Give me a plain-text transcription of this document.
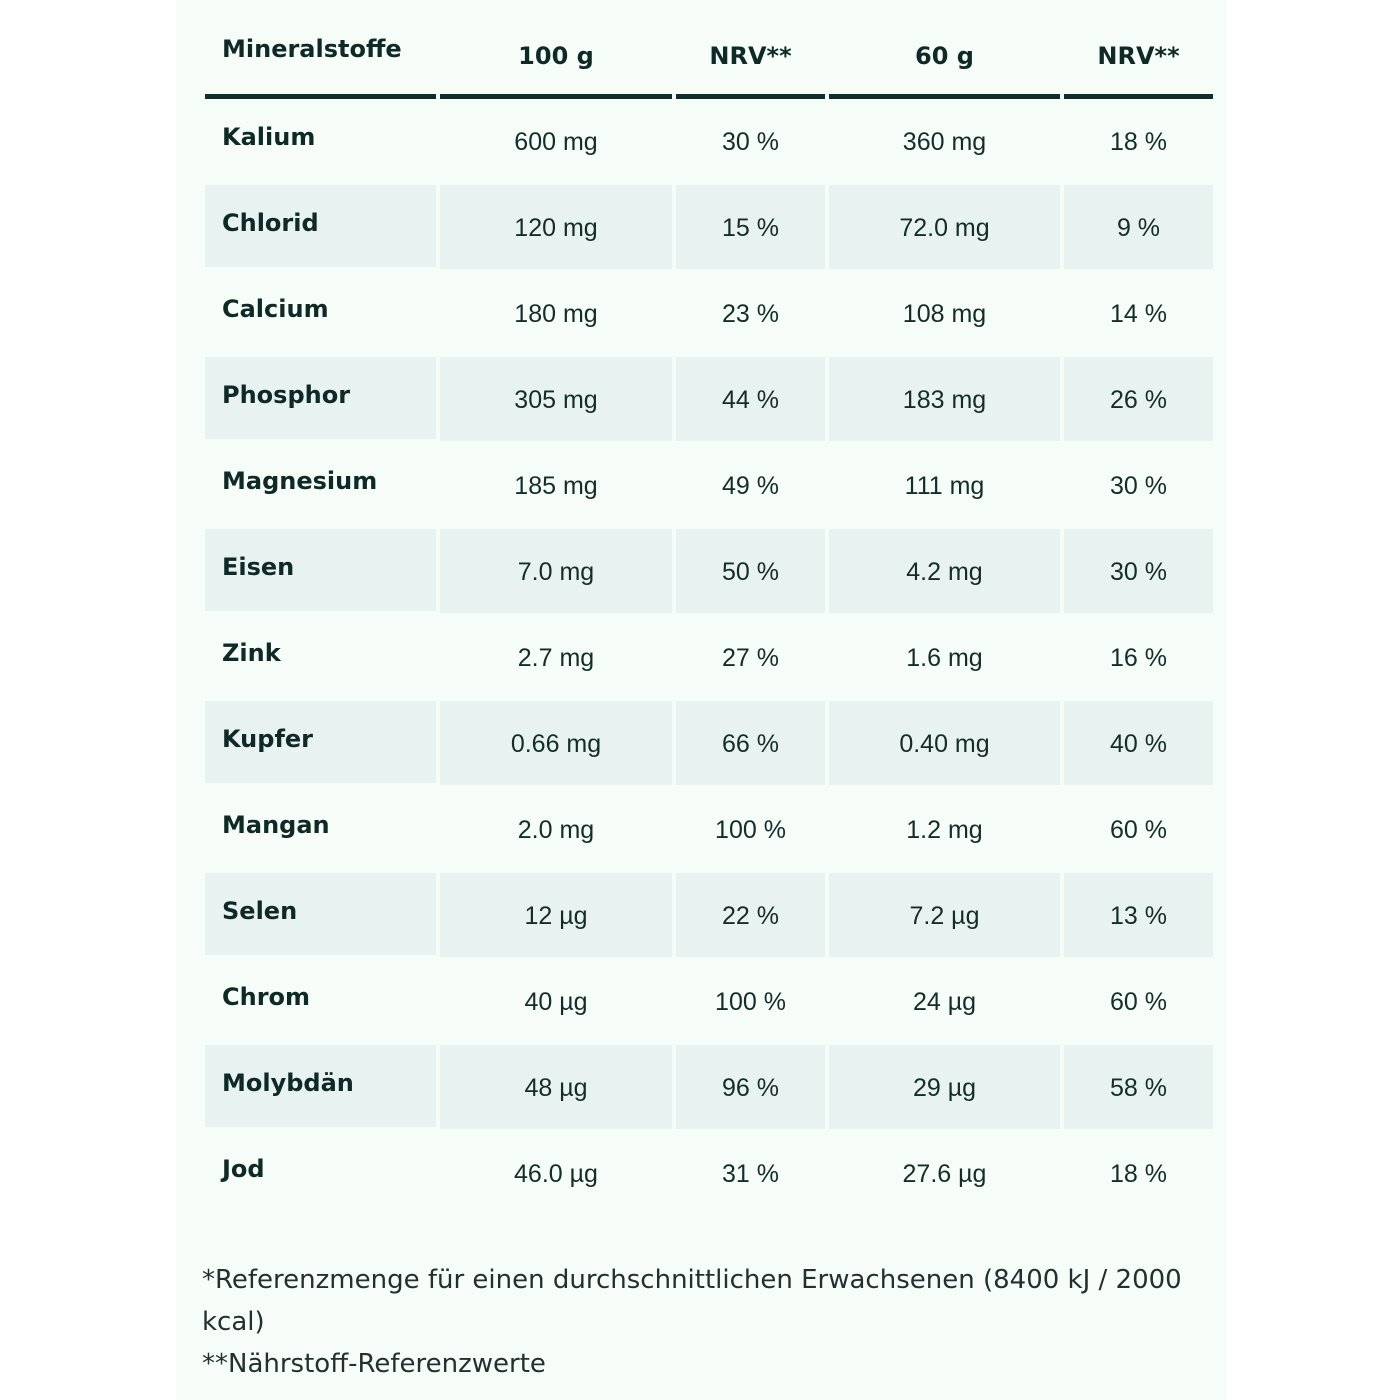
Mineralstoffe	100 g	NRV**	60 g	NRV**
Kalium	600 mg	30 %	360 mg	18 %
Chlorid	120 mg	15 %	72.0 mg	9 %
Calcium	180 mg	23 %	108 mg	14 %
Phosphor	305 mg	44 %	183 mg	26 %
Magnesium	185 mg	49 %	111 mg	30 %
Eisen	7.0 mg	50 %	4.2 mg	30 %
Zink	2.7 mg	27 %	1.6 mg	16 %
Kupfer	0.66 mg	66 %	0.40 mg	40 %
Mangan	2.0 mg	100 %	1.2 mg	60 %
Selen	12 µg	22 %	7.2 µg	13 %
Chrom	40 µg	100 %	24 µg	60 %
Molybdän	48 µg	96 %	29 µg	58 %
Jod	46.0 µg	31 %	27.6 µg	18 %
*Referenzmenge für einen durchschnittlichen Erwachsenen (8400 kJ / 2000 kcal)
**Nährstoff-Referenzwerte
